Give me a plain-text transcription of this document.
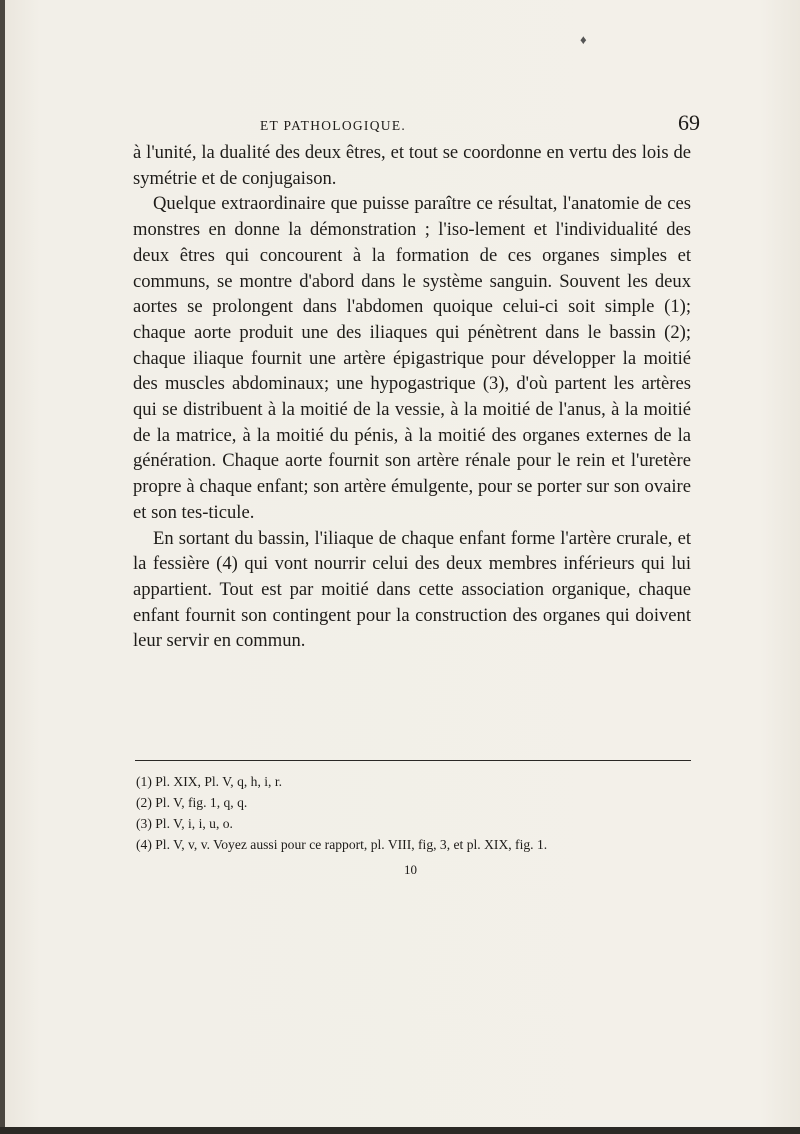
♦
ET PATHOLOGIQUE.	69

à l'unité, la dualité des deux êtres, et tout se coordonne en vertu des lois de symétrie et de conjugaison.

Quelque extraordinaire que puisse paraître ce résultat, l'anatomie de ces monstres en donne la démonstration ; l'iso-lement et l'individualité des deux êtres qui concourent à la formation de ces organes simples et communs, se montre d'abord dans le système sanguin. Souvent les deux aortes se prolongent dans l'abdomen quoique celui-ci soit simple (1); chaque aorte produit une des iliaques qui pénètrent dans le bassin (2); chaque iliaque fournit une artère épigastrique pour développer la moitié des muscles abdominaux; une hypogastrique (3), d'où partent les artères qui se distribuent à la moitié de la vessie, à la moitié de l'anus, à la moitié de la matrice, à la moitié du pénis, à la moitié des organes externes de la génération. Chaque aorte fournit son artère rénale pour le rein et l'uretère propre à chaque enfant; son artère émulgente, pour se porter sur son ovaire et son tes-ticule.

En sortant du bassin, l'iliaque de chaque enfant forme l'artère crurale, et la fessière (4) qui vont nourrir celui des deux membres inférieurs qui lui appartient. Tout est par moitié dans cette association organique, chaque enfant fournit son contingent pour la construction des organes qui doivent leur servir en commun.

(1) Pl. XIX, Pl. V, q, h, i, r.

(2) Pl. V, fig. 1, q, q.

(3) Pl. V, i, i, u, o.

(4) Pl. V, v, v. Voyez aussi pour ce rapport, pl. VIII, fig, 3, et pl. XIX, fig. 1.

10
